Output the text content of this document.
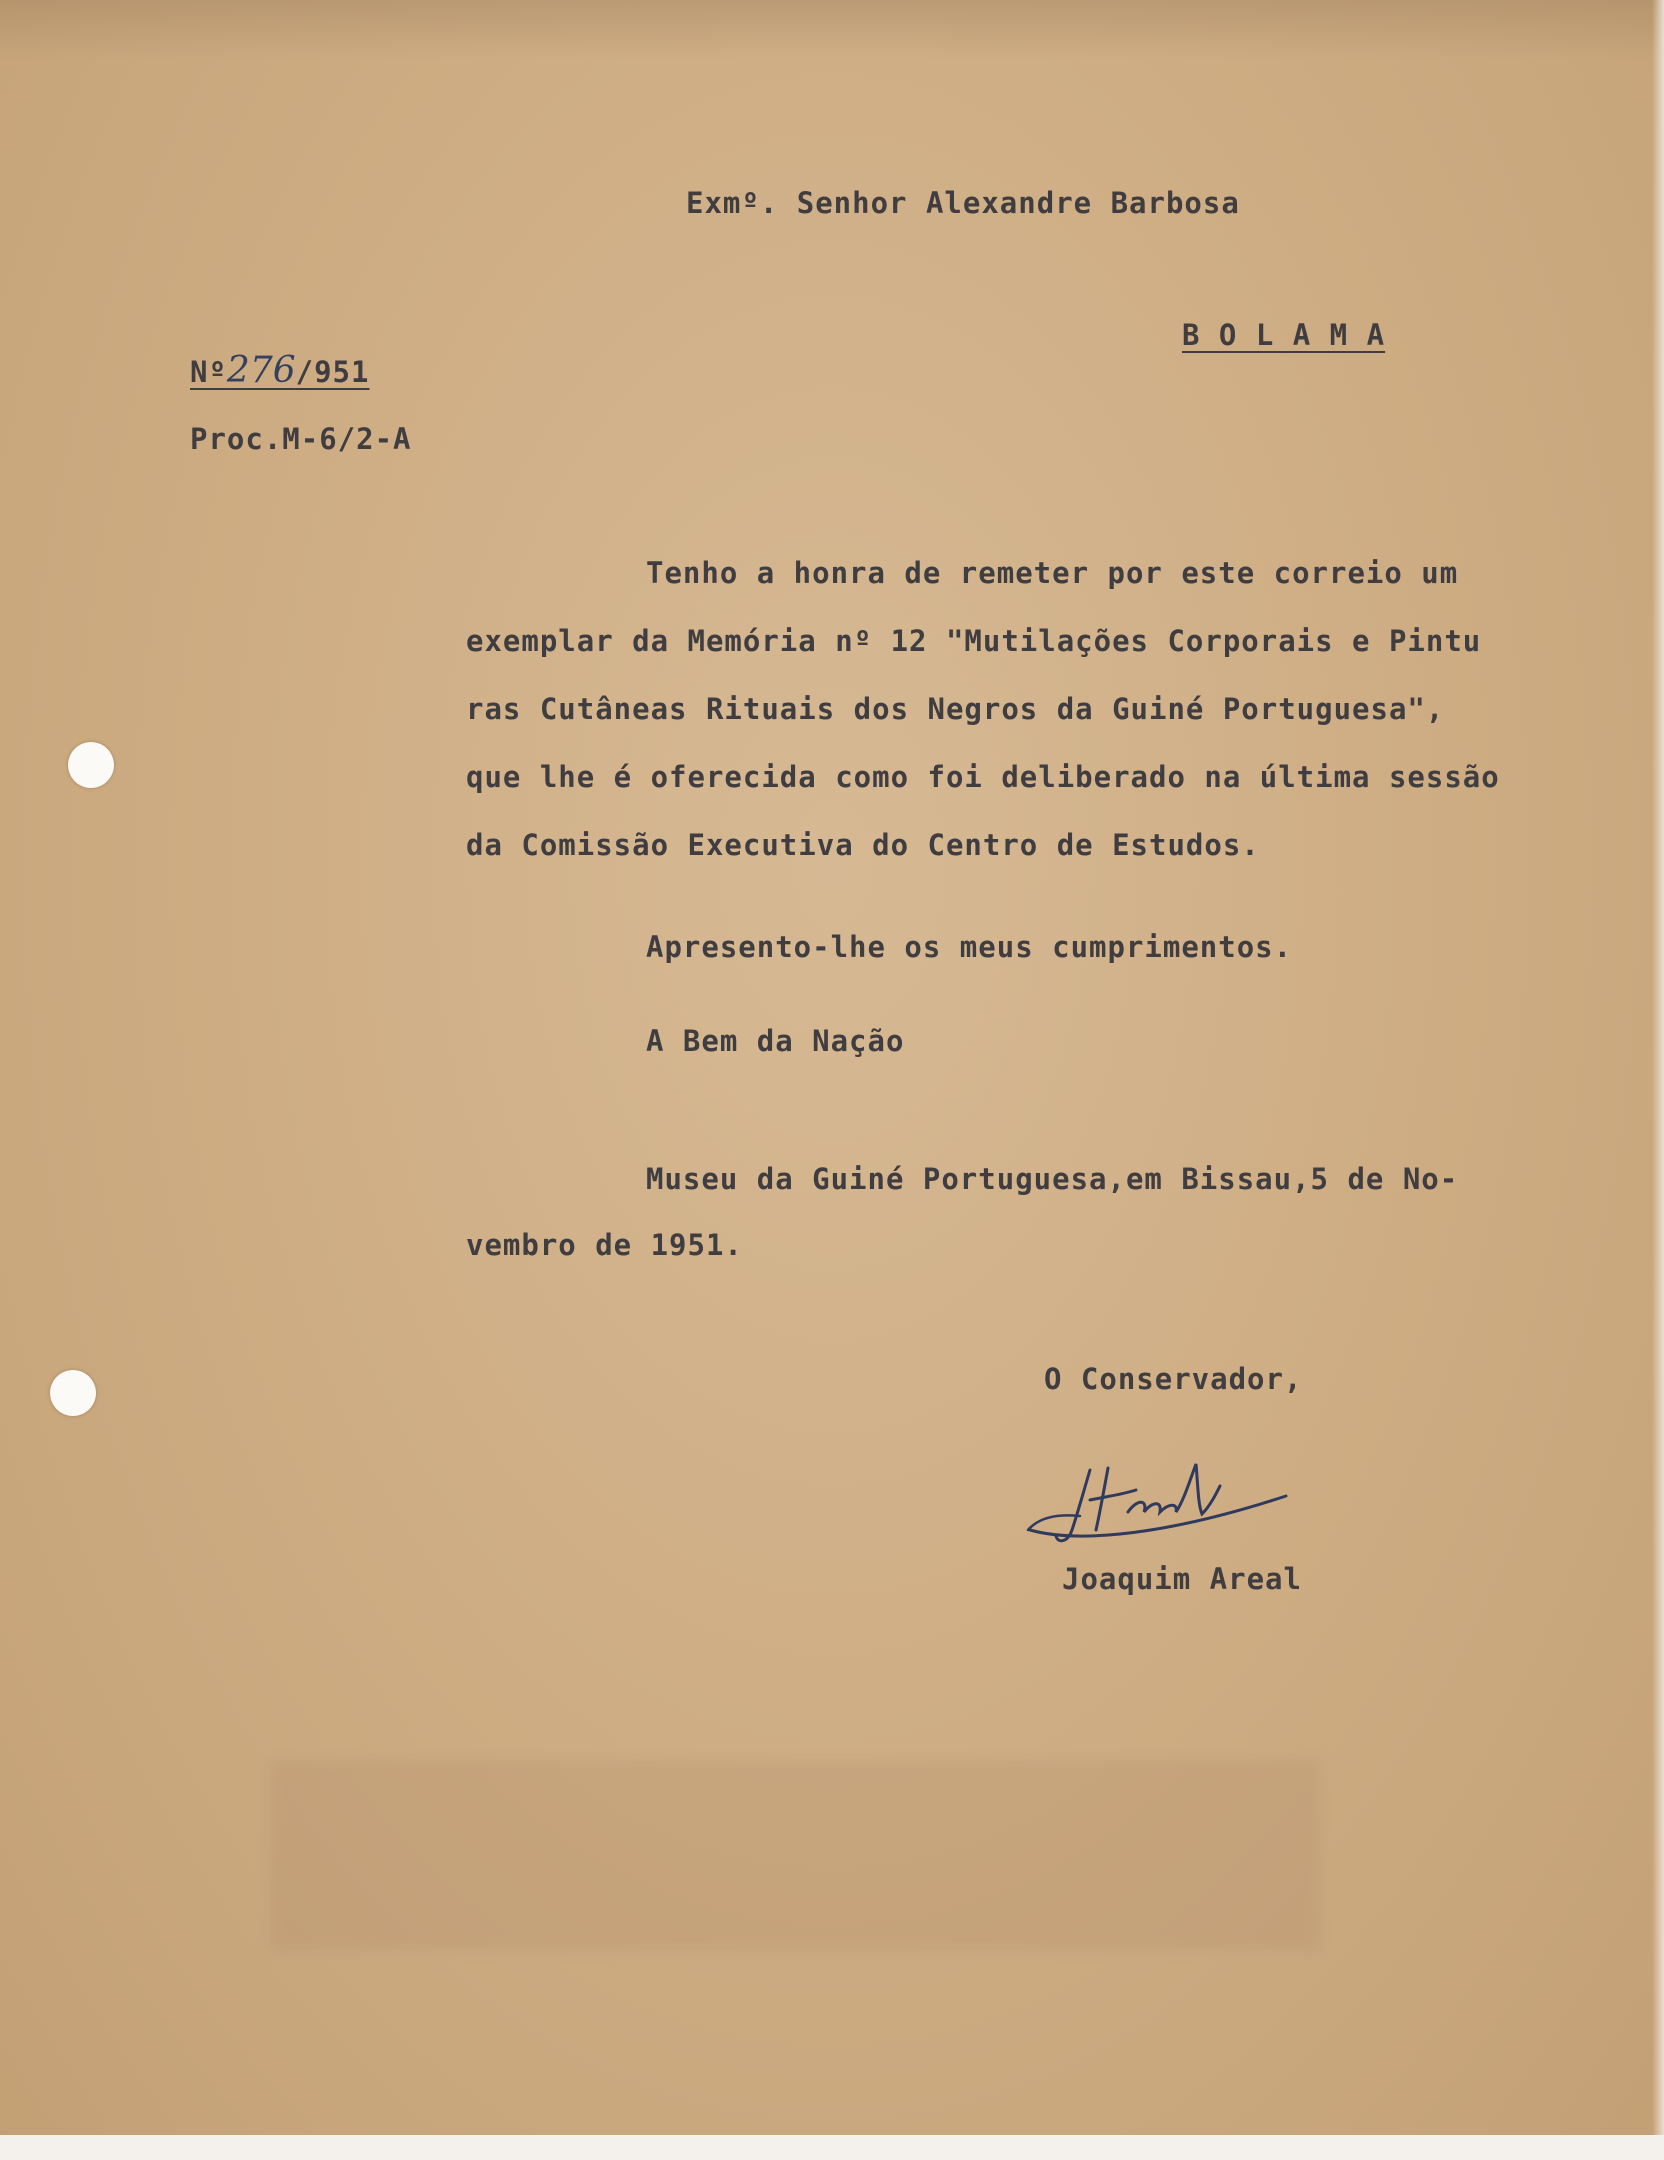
Exmº. Senhor Alexandre Barbosa

B O L A M A

Nº276/951

Proc.M-6/2-A

Tenho a honra de remeter por este correio um

exemplar da Memória nº 12 "Mutilações Corporais e Pintu

ras Cutâneas Rituais dos Negros da Guiné Portuguesa",

que lhe é oferecida como foi deliberado na última sessão

da Comissão Executiva do Centro de Estudos.

Apresento-lhe os meus cumprimentos.

A Bem da Nação

Museu da Guiné Portuguesa,em Bissau,5 de No-

vembro de 1951.

O Conservador,

Joaquim Areal
